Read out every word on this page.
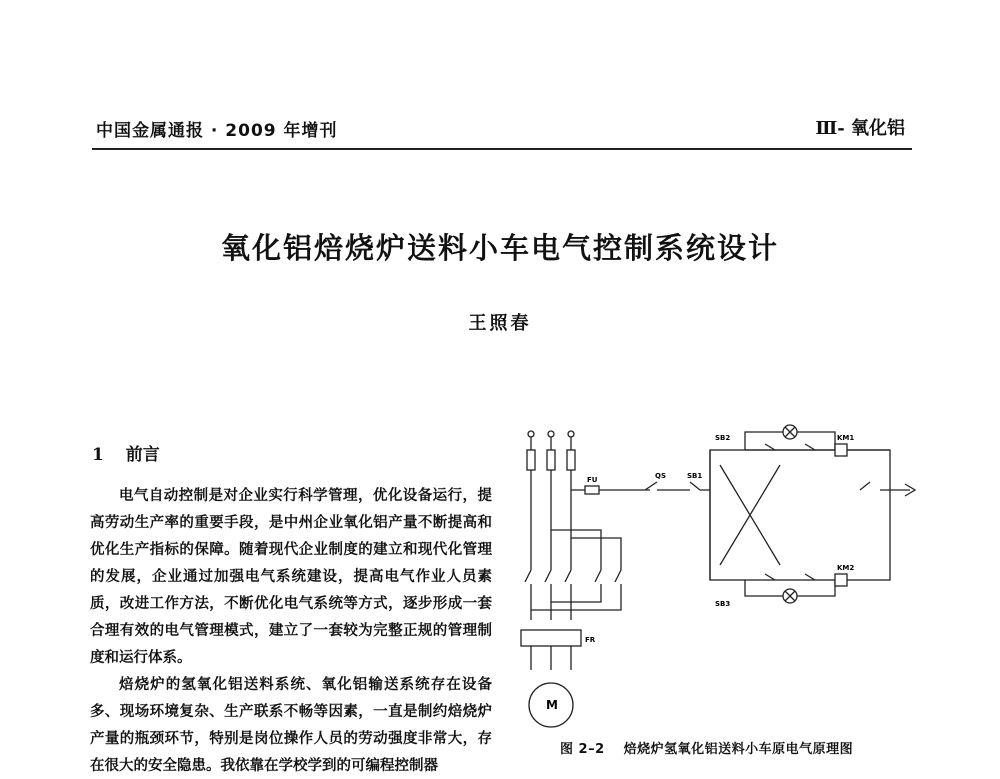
中国金属通报 · 2009 年增刊	Ⅲ- 氧化铝
氧化铝焙烧炉送料小车电气控制系统设计
王照春
1 前言

电气自动控制是对企业实行科学管理，优化设备运行，提高劳动生产率的重要手段，是中州企业氧化铝产量不断提高和优化生产指标的保障。随着现代企业制度的建立和现代化管理的发展，企业通过加强电气系统建设，提高电气作业人员素质，改进工作方法，不断优化电气系统等方式，逐步形成一套合理有效的电气管理模式，建立了一套较为完整正规的管理制度和运行体系。

焙烧炉的氢氧化铝送料系统、氧化铝输送系统存在设备多、现场环境复杂、生产联系不畅等因素，一直是制约焙烧炉产量的瓶颈环节，特别是岗位操作人员的劳动强度非常大，存在很大的安全隐患。我依靠在学校学到的可编程控制器

QS
FU	SB1
KM1
KM2
SB2
SB3
FR
M
图 2–2 焙烧炉氢氧化铝送料小车原电气原理图
